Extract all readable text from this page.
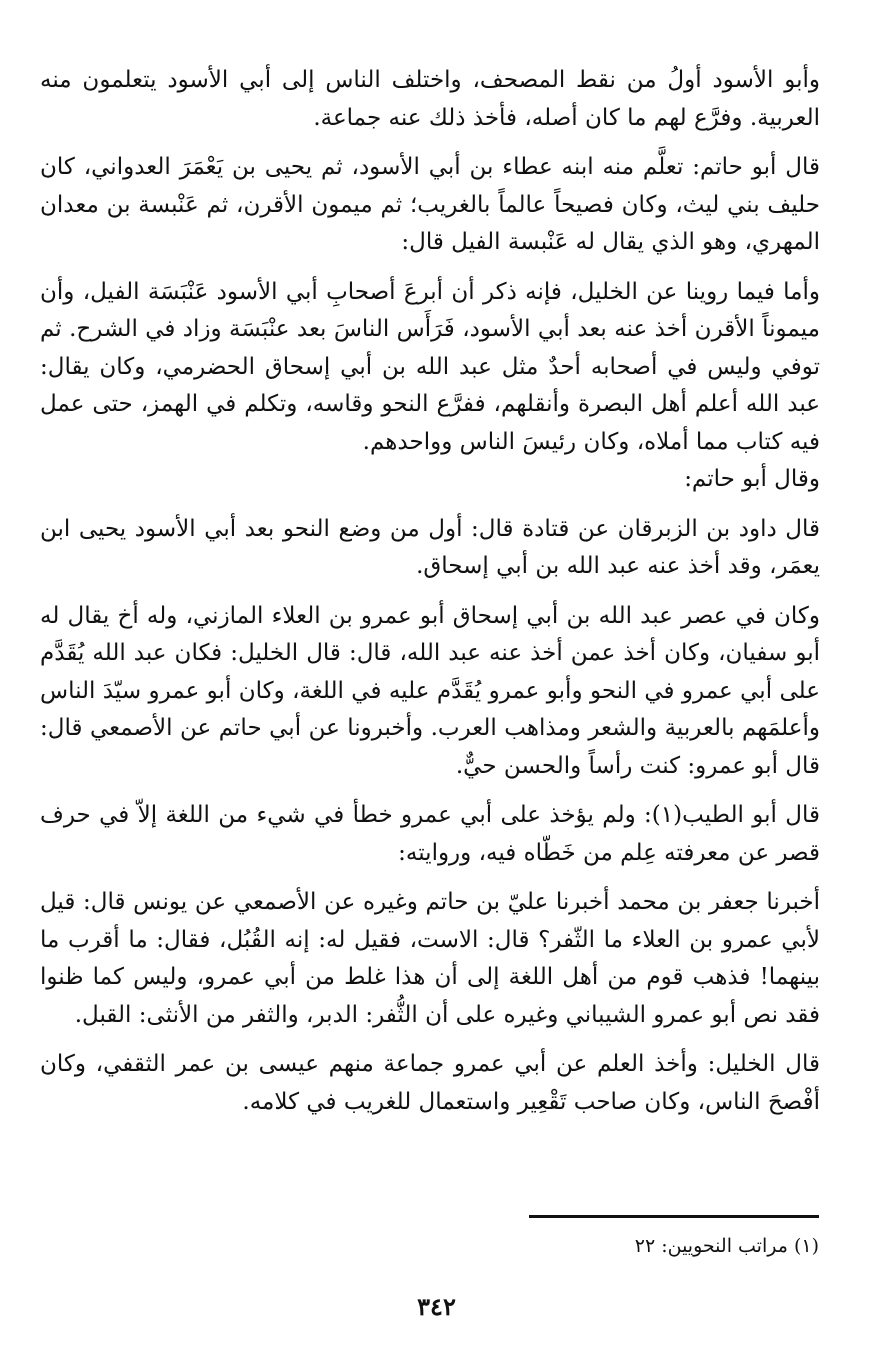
وأبو الأسود أولُ من نقط المصحف، واختلف الناس إلى أبي الأسود يتعلمون منه العربية. وفرَّع لهم ما كان أصله، فأخذ ذلك عنه جماعة.

قال أبو حاتم: تعلَّم منه ابنه عطاء بن أبي الأسود، ثم يحيى بن يَعْمَرَ العدواني، كان حليف بني ليث، وكان فصيحاً عالماً بالغريب؛ ثم ميمون الأقرن، ثم عَنْبسة بن معدان المهري، وهو الذي يقال له عَنْبسة الفيل قال:

وأما فيما روينا عن الخليل، فإنه ذكر أن أبرعَ أصحابِ أبي الأسود عَنْبَسَة الفيل، وأن ميموناً الأقرن أخذ عنه بعد أبي الأسود، فَرَأَس الناسَ بعد عنْبَسَة وزاد في الشرح. ثم توفي وليس في أصحابه أحدٌ مثل عبد الله بن أبي إسحاق الحضرمي، وكان يقال: عبد الله أعلم أهل البصرة وأنقلهم، ففرَّع النحو وقاسه، وتكلم في الهمز، حتى عمل فيه كتاب مما أملاه، وكان رئيسَ الناس وواحدهم.

وقال أبو حاتم:

قال داود بن الزبرقان عن قتادة قال: أول من وضع النحو بعد أبي الأسود يحيى ابن يعمَر، وقد أخذ عنه عبد الله بن أبي إسحاق.

وكان في عصر عبد الله بن أبي إسحاق أبو عمرو بن العلاء المازني، وله أخ يقال له أبو سفيان، وكان أخذ عمن أخذ عنه عبد الله، قال: قال الخليل: فكان عبد الله يُقَدَّم على أبي عمرو في النحو وأبو عمرو يُقَدَّم عليه في اللغة، وكان أبو عمرو سيّدَ الناس وأعلمَهم بالعربية والشعر ومذاهب العرب. وأخبرونا عن أبي حاتم عن الأصمعي قال: قال أبو عمرو: كنت رأساً والحسن حيٌّ.

قال أبو الطيب(١): ولم يؤخذ على أبي عمرو خطأ في شيء من اللغة إلاّ في حرف قصر عن معرفته عِلم من خَطّاه فيه، وروايته:

أخبرنا جعفر بن محمد أخبرنا عليّ بن حاتم وغيره عن الأصمعي عن يونس قال: قيل لأبي عمرو بن العلاء ما الثّفر؟ قال: الاست، فقيل له: إنه القُبُل، فقال: ما أقرب ما بينهما! فذهب قوم من أهل اللغة إلى أن هذا غلط من أبي عمرو، وليس كما ظنوا فقد نص أبو عمرو الشيباني وغيره على أن الثُّفر: الدبر، والثفر من الأنثى: القبل.

قال الخليل: وأخذ العلم عن أبي عمرو جماعة منهم عيسى بن عمر الثقفي، وكان أفْصحَ الناس، وكان صاحب تَقْعِير واستعمال للغريب في كلامه.

(١) مراتب النحويين: ٢٢
٣٤٢
